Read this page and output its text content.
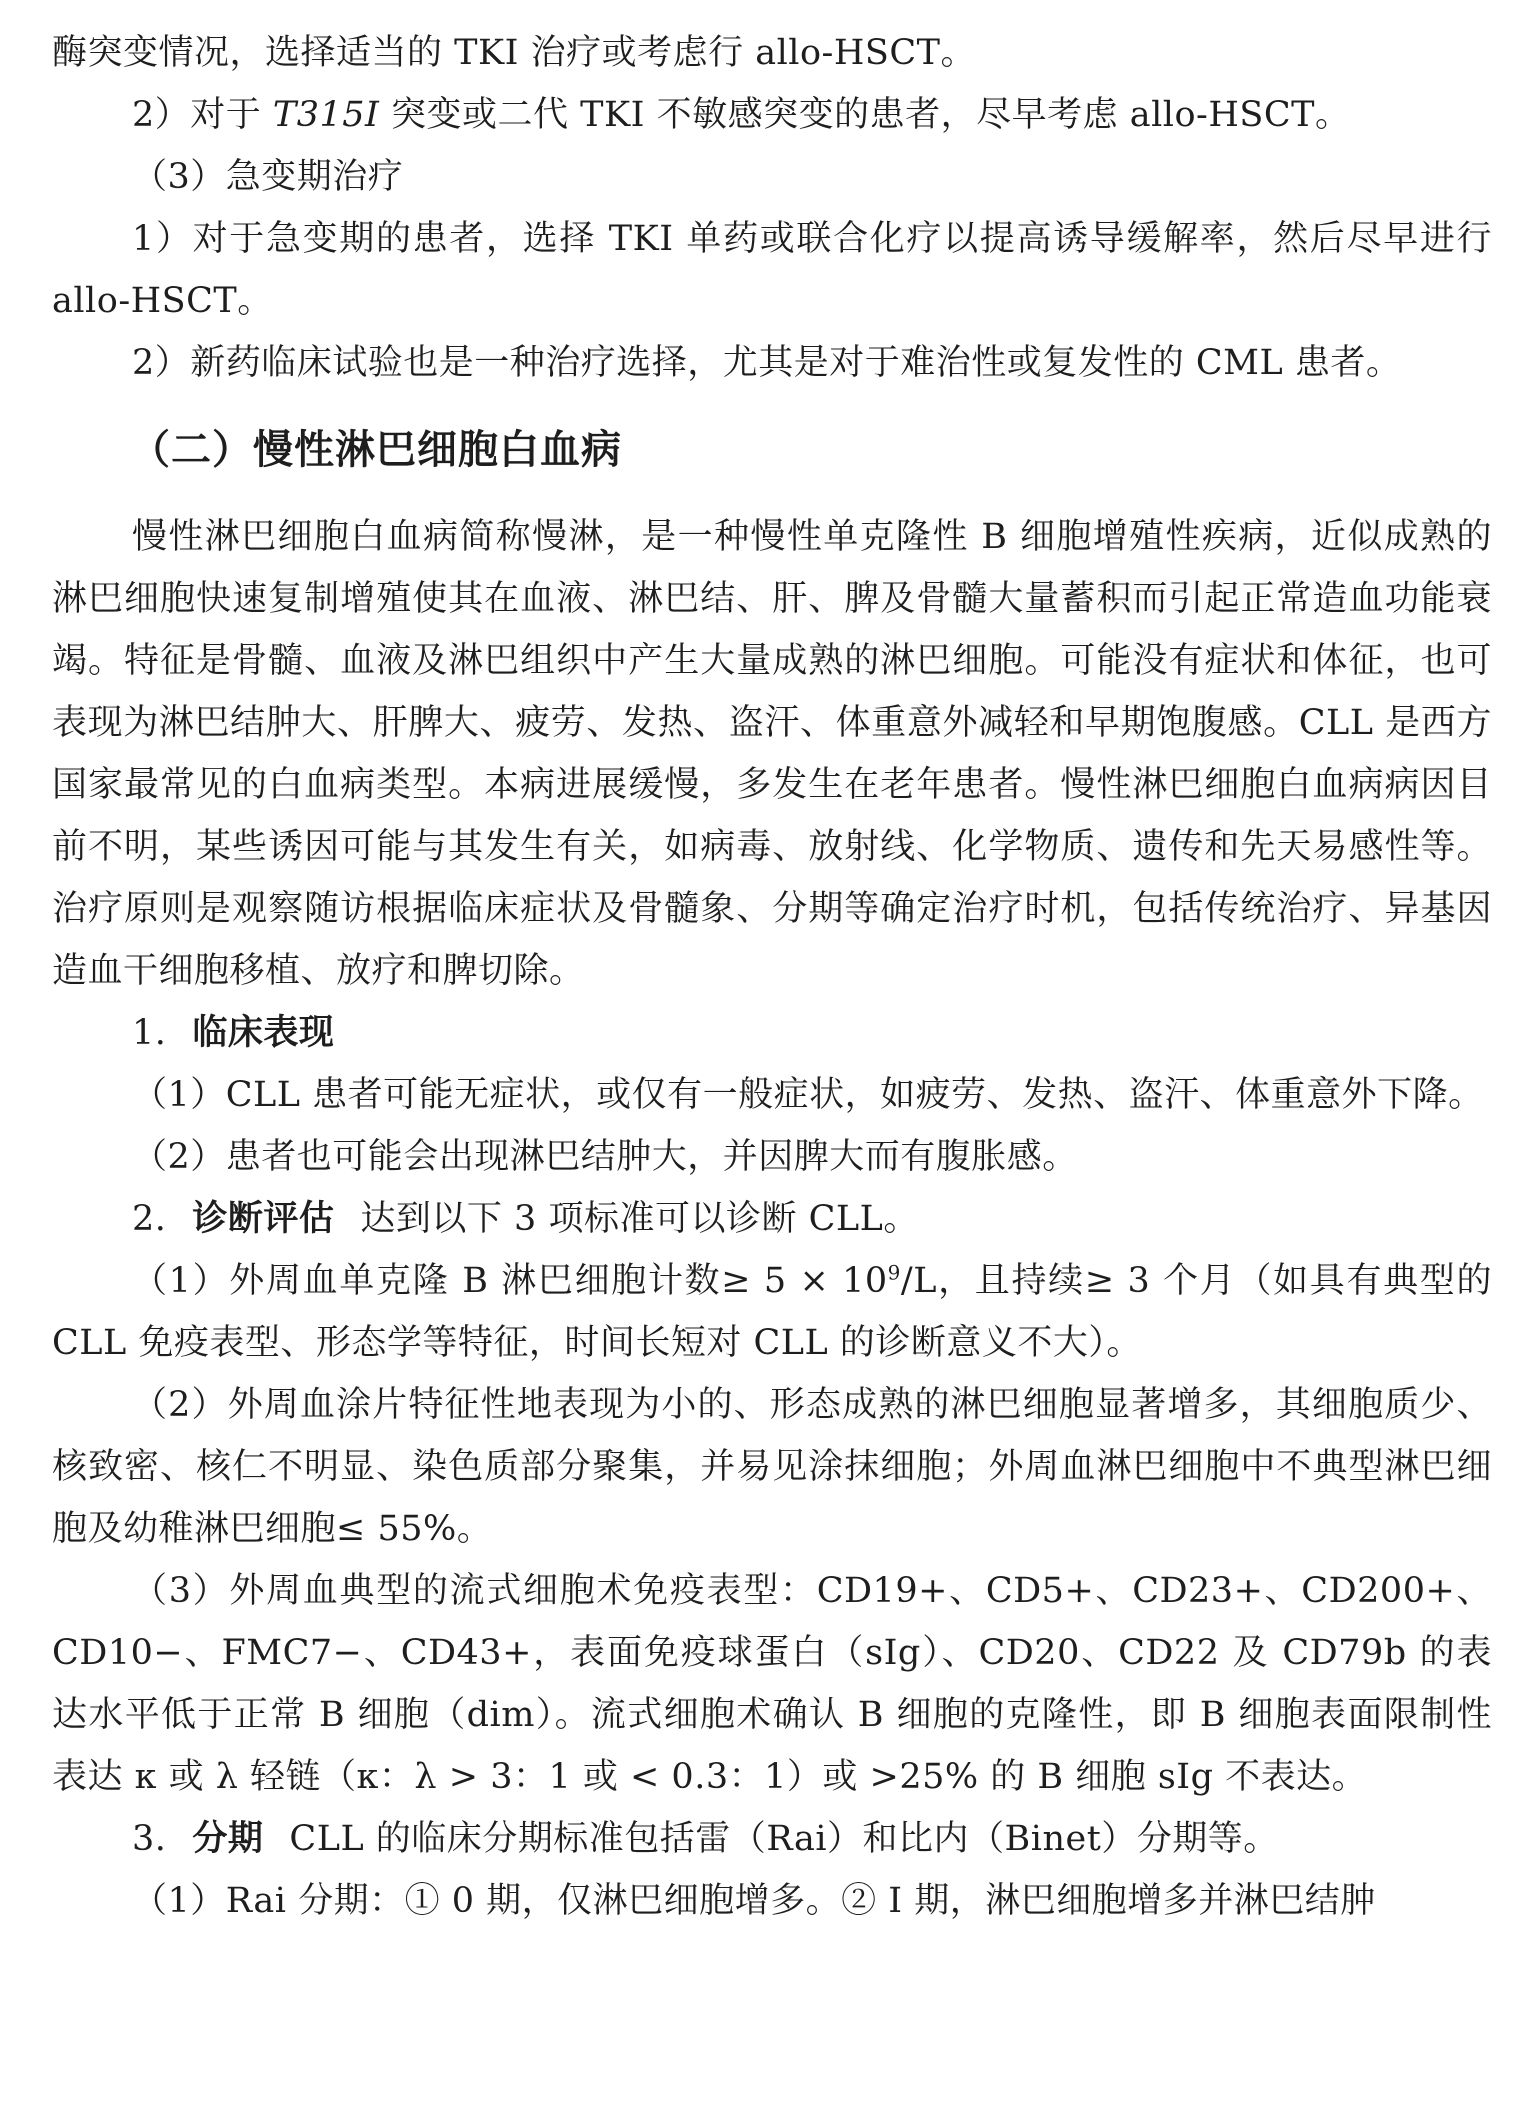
酶突变情况，选择适当的 TKI 治疗或考虑行 allo-HSCT。

2）对于 T315I 突变或二代 TKI 不敏感突变的患者，尽早考虑 allo-HSCT。

（3）急变期治疗

1）对于急变期的患者，选择 TKI 单药或联合化疗以提高诱导缓解率，然后尽早进行 allo-HSCT。

2）新药临床试验也是一种治疗选择，尤其是对于难治性或复发性的 CML 患者。

（二）慢性淋巴细胞白血病

慢性淋巴细胞白血病简称慢淋，是一种慢性单克隆性 B 细胞增殖性疾病，近似成熟的淋巴细胞快速复制增殖使其在血液、淋巴结、肝、脾及骨髓大量蓄积而引起正常造血功能衰竭。特征是骨髓、血液及淋巴组织中产生大量成熟的淋巴细胞。可能没有症状和体征，也可表现为淋巴结肿大、肝脾大、疲劳、发热、盗汗、体重意外减轻和早期饱腹感。CLL 是西方国家最常见的白血病类型。本病进展缓慢，多发生在老年患者。慢性淋巴细胞白血病病因目前不明，某些诱因可能与其发生有关，如病毒、放射线、化学物质、遗传和先天易感性等。治疗原则是观察随访根据临床症状及骨髓象、分期等确定治疗时机，包括传统治疗、异基因造血干细胞移植、放疗和脾切除。

1. 临床表现

（1）CLL 患者可能无症状，或仅有一般症状，如疲劳、发热、盗汗、体重意外下降。

（2）患者也可能会出现淋巴结肿大，并因脾大而有腹胀感。

2. 诊断评估 达到以下 3 项标准可以诊断 CLL。

（1）外周血单克隆 B 淋巴细胞计数≥ $5 \times 10^9/L$，且持续≥ 3 个月（如具有典型的 CLL 免疫表型、形态学等特征，时间长短对 CLL 的诊断意义不大）。

（2）外周血涂片特征性地表现为小的、形态成熟的淋巴细胞显著增多，其细胞质少、核致密、核仁不明显、染色质部分聚集，并易见涂抹细胞；外周血淋巴细胞中不典型淋巴细胞及幼稚淋巴细胞≤ 55%。

（3）外周血典型的流式细胞术免疫表型：CD19+、CD5+、CD23+、CD200+、CD10−、FMC7−、CD43+，表面免疫球蛋白（sIg）、CD20、CD22 及 CD79b 的表达水平低于正常 B 细胞（dim）。流式细胞术确认 B 细胞的克隆性，即 B 细胞表面限制性表达 κ 或 λ 轻链（κ：λ > 3：1 或 < 0.3：1）或 >25% 的 B 细胞 sIg 不表达。

3. 分期 CLL 的临床分期标准包括雷（Rai）和比内（Binet）分期等。

（1）Rai 分期：① 0 期，仅淋巴细胞增多。② Ⅰ 期，淋巴细胞增多并淋巴结肿
